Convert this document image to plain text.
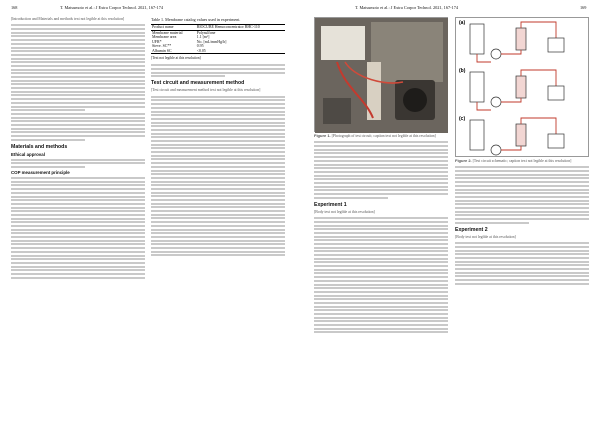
168	T. Matsumoto et al.: J Extra Corpor Technol. 2021, 167-174
[Introduction and Materials and methods text not legible at this resolution]
Materials and methods
Ethical approval
COP measurement principle
Table 1. Membrane catalog values used in experiment.
Product name	BIOCUBE Hemoconcentrator BHC-110
Membrane material	Polysulfone
Membrane area	1.1 [m²]
UFR*	No. [mL/mmHg/h]
Sieve. SC**	0.95
Albumin SC	<0.05
[Text not legible at this resolution]
Test circuit and measurement method
[Test circuit and measurement method text not legible at this resolution]
T. Matsumoto et al.: J Extra Corpor Technol. 2021, 167-174	169
Figure 1. [Photograph of test circuit; caption text not legible at this resolution]
Experiment 1
[Body text not legible at this resolution]
(a)
(b)
(c)
Figure 2. [Test circuit schematic; caption text not legible at this resolution]
Experiment 2
[Body text not legible at this resolution]
